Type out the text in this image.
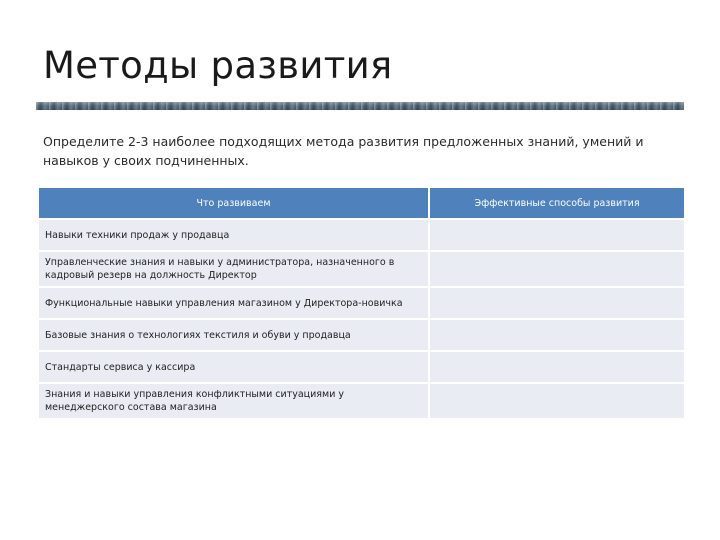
Методы развития
Определите 2-3 наиболее подходящих метода развития предложенных знаний, умений и навыков у своих подчиненных.
Что развиваем	Эффективные способы развития
Навыки техники продаж у продавца	
Управленческие знания и навыки у администратора, назначенного в кадровый резерв на должность Директор	
Функциональные навыки управления магазином у Директора-новичка	
Базовые знания о технологиях текстиля и обуви у продавца	
Стандарты сервиса у кассира	
Знания и навыки управления конфликтными ситуациями у менеджерского состава магазина	
